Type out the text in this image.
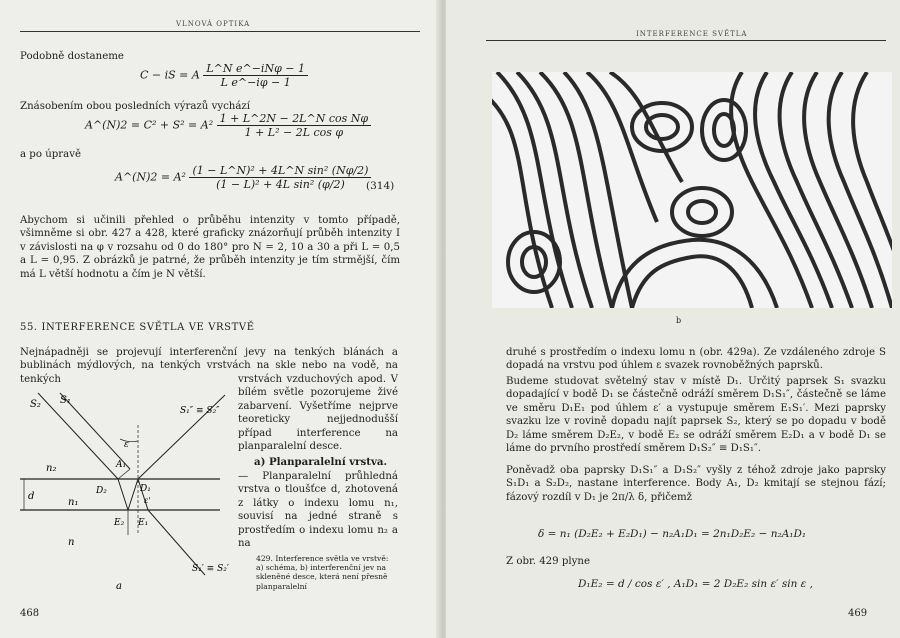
VLNOVÁ OPTIKA
Podobně dostaneme
C − iS = A $\frac{\text{L\textasciicircum{}N e\textasciicircum{}−iNφ − 1}}{\text{L e\textasciicircum{}−iφ − 1}}$
Znásobením obou posledních výrazů vychází
A^(N)2 = $C^2 + S^2 = A^2 \frac{\text{1 + L\textasciicircum{}2N − 2L\textasciicircum{}N cos Nφ}}{\text{1 + L² − 2L cos φ}}$
a po úpravě
A^(N)2 = $A^2 \frac{\text{(1 − L\textasciicircum{}N)² + 4L\textasciicircum{}N sin² (Nφ/2)}}{\text{(1 − L)² + 4L sin² (φ/2)}}$
(314)
Abychom si učinili přehled o průběhu intenzity v tomto případě, všimněme si obr. 427 a 428, které graficky znázorňují průběh intenzity I v závislosti na φ v rozsahu od 0 do 180° pro N = 2, 10 a 30 a při L = 0,5 a L = 0,95. Z obrázků je patrné, že průběh intenzity je tím strmější, čím má L větší hodnotu a čím je N větší.
55. INTERFERENCE SVĚTLA VE VRSTVĚ
Nejnápadněji se projevují interferenční jevy na tenkých blánách a bublinách mýdlových, na tenkých vrstvách na skle nebo na vodě, na tenkých	vrstvách vzduchových apod. V bílém světle pozorujeme živé zabarvení. Vyšetříme nejprve teoreticky nejjednodušší případ interference na planparalelní desce.
a) Planparalelní vrstva.
— Planparalelní průhledná vrstva o tloušťce d, zhotovená z látky o indexu lomu n₁, souvisí na jedné straně s prostředím o indexu lomu n₂ a na
S₂ S₁
ε
A₁
n₂
d	D₂	D₁
n₁
E₂ E₁
ε'
n
S₁″ ≡ S₂″
S₁′ ≡ S₂′
a
429. Interference světla ve vrstvě: a) schéma, b) interferenční jev na skleněné desce, která není přesně planparalelní
468
INTERFERENCE SVĚTLA
druhé s prostředím o indexu lomu n (obr. 429a). Ze vzdáleného zdroje S dopadá na vrstvu pod úhlem ε svazek rovnoběžných paprsků.
Budeme studovat světelný stav v místě D₁. Určitý paprsek S₁ svazku dopadající v bodě D₁ se částečně odráží směrem D₁S₁″, částečně se láme ve směru D₁E₁ pod úhlem ε′ a vystupuje směrem E₁S₁′. Mezi paprsky svazku lze v rovině dopadu najít paprsek S₂, který se po dopadu v bodě D₂ láme směrem D₂E₂, v bodě E₂ se odráží směrem E₂D₁ a v bodě D₁ se láme do prvního prostředí směrem D₁S₂″ ≡ D₁S₁″.
Poněvadž oba paprsky D₁S₁″ a D₁S₂″ vyšly z téhož zdroje jako paprsky S₁D₁ a S₂D₂, nastane interference. Body A₁, D₂ kmitají se stejnou fází; fázový rozdíl v D₁ je 2π/λ δ, přičemž
δ = n₁ (D₂E₂ + E₂D₁) − n₂A₁D₁ = 2n₁D₂E₂ − n₂A₁D₁
Z obr. 429 plyne
D₁E₂ = d / cos ε′ , A₁D₁ = 2 D₂E₂ sin ε′ sin ε ,
469
b
